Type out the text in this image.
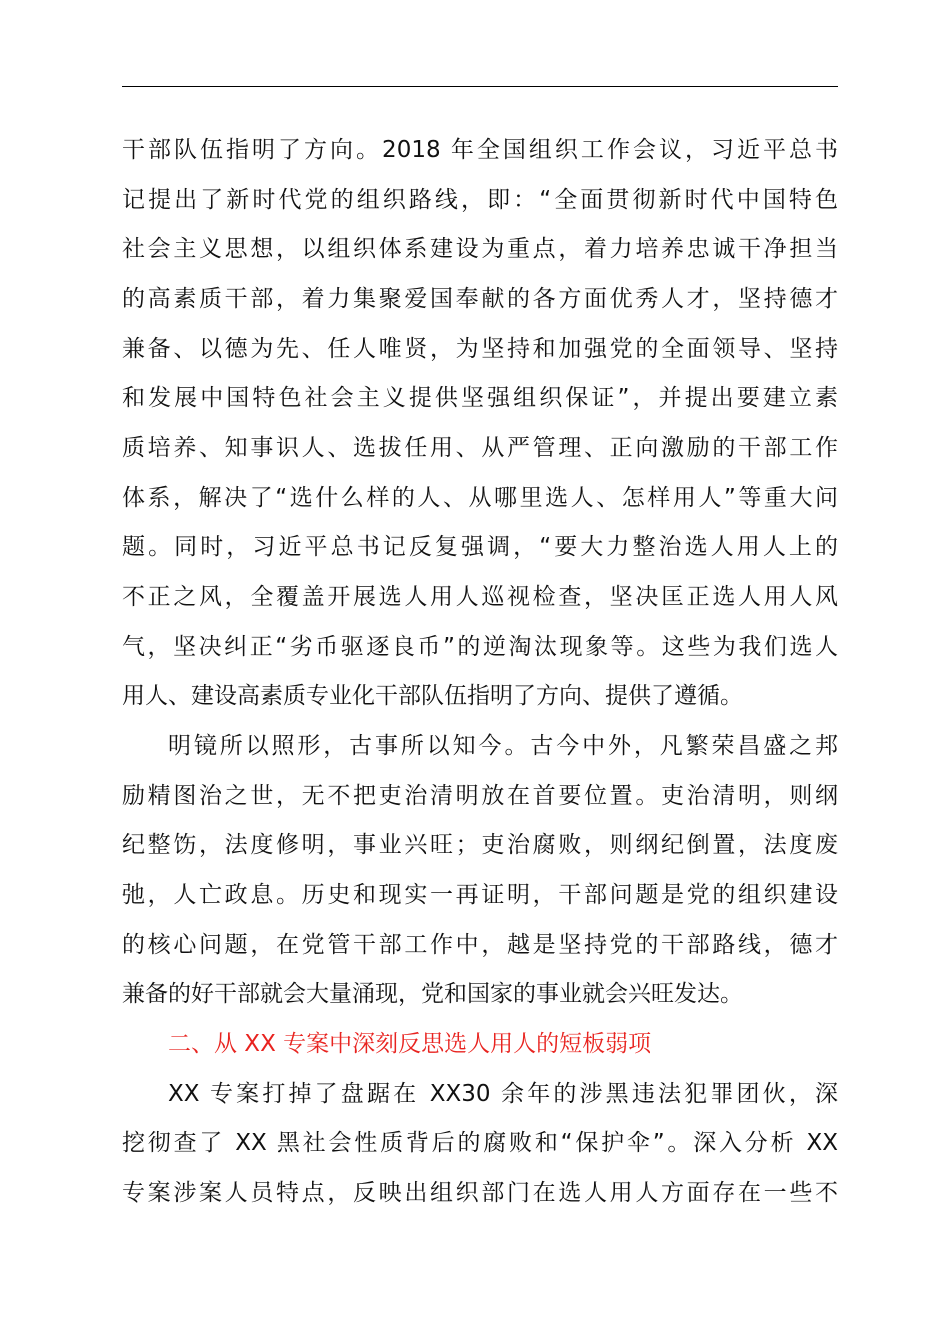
干部队伍指明了方向。2018 年全国组织工作会议，习近平总书
记提出了新时代党的组织路线，即：“全面贯彻新时代中国特色
社会主义思想，以组织体系建设为重点，着力培养忠诚干净担当
的高素质干部，着力集聚爱国奉献的各方面优秀人才，坚持德才
兼备、以德为先、任人唯贤，为坚持和加强党的全面领导、坚持
和发展中国特色社会主义提供坚强组织保证”，并提出要建立素
质培养、知事识人、选拔任用、从严管理、正向激励的干部工作
体系，解决了“选什么样的人、从哪里选人、怎样用人”等重大问
题。同时，习近平总书记反复强调，“要大力整治选人用人上的
不正之风，全覆盖开展选人用人巡视检查，坚决匡正选人用人风
气，坚决纠正“劣币驱逐良币”的逆淘汰现象等。这些为我们选人
用人、建设高素质专业化干部队伍指明了方向、提供了遵循。
明镜所以照形，古事所以知今。古今中外，凡繁荣昌盛之邦
励精图治之世，无不把吏治清明放在首要位置。吏治清明，则纲
纪整饬，法度修明，事业兴旺；吏治腐败，则纲纪倒置，法度废
弛，人亡政息。历史和现实一再证明，干部问题是党的组织建设
的核心问题，在党管干部工作中，越是坚持党的干部路线，德才
兼备的好干部就会大量涌现，党和国家的事业就会兴旺发达。
二、从 XX 专案中深刻反思选人用人的短板弱项
XX 专案打掉了盘踞在 XX30 余年的涉黑违法犯罪团伙，深
挖彻查了 XX 黑社会性质背后的腐败和“保护伞”。深入分析 XX
专案涉案人员特点，反映出组织部门在选人用人方面存在一些不
